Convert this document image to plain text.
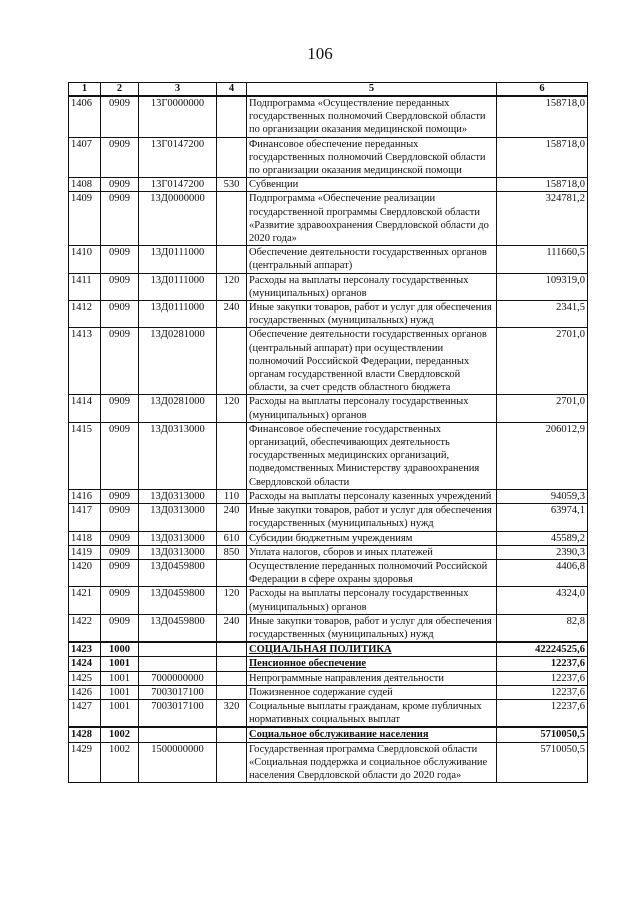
106
1	2	3	4	5	6
1406	0909	13Г0000000		Подпрограмма «Осуществление переданных государственных полномочий Свердловской области по организации оказания медицинской помощи»	158718,0
1407	0909	13Г0147200		Финансовое обеспечение переданных государственных полномочий Свердловской области по организации оказания медицинской помощи	158718,0
1408	0909	13Г0147200	530	Субвенции	158718,0
1409	0909	13Д0000000		Подпрограмма «Обеспечение реализации государственной программы Свердловской области «Развитие здравоохранения Свердловской области до 2020 года»	324781,2
1410	0909	13Д0111000		Обеспечение деятельности государственных органов (центральный аппарат)	111660,5
1411	0909	13Д0111000	120	Расходы на выплаты персоналу государственных (муниципальных) органов	109319,0
1412	0909	13Д0111000	240	Иные закупки товаров, работ и услуг для обеспечения государственных (муниципальных) нужд	2341,5
1413	0909	13Д0281000		Обеспечение деятельности государственных органов (центральный аппарат) при осуществлении полномочий Российской Федерации, переданных органам государственной власти Свердловской области, за счет средств областного бюджета	2701,0
1414	0909	13Д0281000	120	Расходы на выплаты персоналу государственных (муниципальных) органов	2701,0
1415	0909	13Д0313000		Финансовое обеспечение государственных организаций, обеспечивающих деятельность государственных медицинских организаций, подведомственных Министерству здравоохранения Свердловской области	206012,9
1416	0909	13Д0313000	110	Расходы на выплаты персоналу казенных учреждений	94059,3
1417	0909	13Д0313000	240	Иные закупки товаров, работ и услуг для обеспечения государственных (муниципальных) нужд	63974,1
1418	0909	13Д0313000	610	Субсидии бюджетным учреждениям	45589,2
1419	0909	13Д0313000	850	Уплата налогов, сборов и иных платежей	2390,3
1420	0909	13Д0459800		Осуществление переданных полномочий Российской Федерации в сфере охраны здоровья	4406,8
1421	0909	13Д0459800	120	Расходы на выплаты персоналу государственных (муниципальных) органов	4324,0
1422	0909	13Д0459800	240	Иные закупки товаров, работ и услуг для обеспечения государственных (муниципальных) нужд	82,8
1423	1000			СОЦИАЛЬНАЯ ПОЛИТИКА	42224525,6
1424	1001			Пенсионное обеспечение	12237,6
1425	1001	7000000000		Непрограммные направления деятельности	12237,6
1426	1001	7003017100		Пожизненное содержание судей	12237,6
1427	1001	7003017100	320	Социальные выплаты гражданам, кроме публичных нормативных социальных выплат	12237,6
1428	1002			Социальное обслуживание населения	5710050,5
1429	1002	1500000000		Государственная программа Свердловской области «Социальная поддержка и социальное обслуживание населения Свердловской области до 2020 года»	5710050,5
